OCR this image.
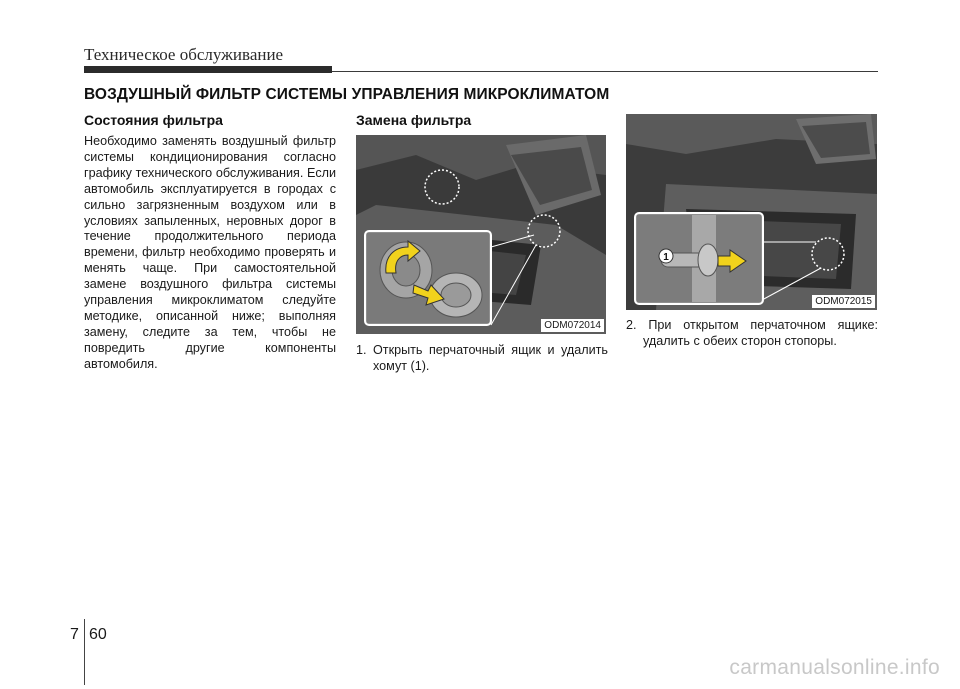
Техническое обслуживание
ВОЗДУШНЫЙ ФИЛЬТР СИСТЕМЫ УПРАВЛЕНИЯ МИКРОКЛИМАТОМ
Состояния фильтра
Необходимо заменять воздушный фильтр системы кондиционирования согласно графику технического обслуживания. Если автомобиль эксплуатируется в городах с сильно загрязненным воздухом или в условиях запыленных, неровных дорог в течение продолжительного периода времени, фильтр необходимо проверять и менять чаще. При самостоятельной замене воздушного фильтра системы управления микроклиматом следуйте методике, описанной ниже; выполняя замену, следите за тем, чтобы не повредить другие компоненты автомобиля.
Замена фильтра
ODM072014
1. Открыть перчаточный ящик и удалить хомут (1).
1
ODM072015
2. При открытом перчаточном ящике: удалить с обеих сторон стопоры.
7 60
carmanualsonline.info
